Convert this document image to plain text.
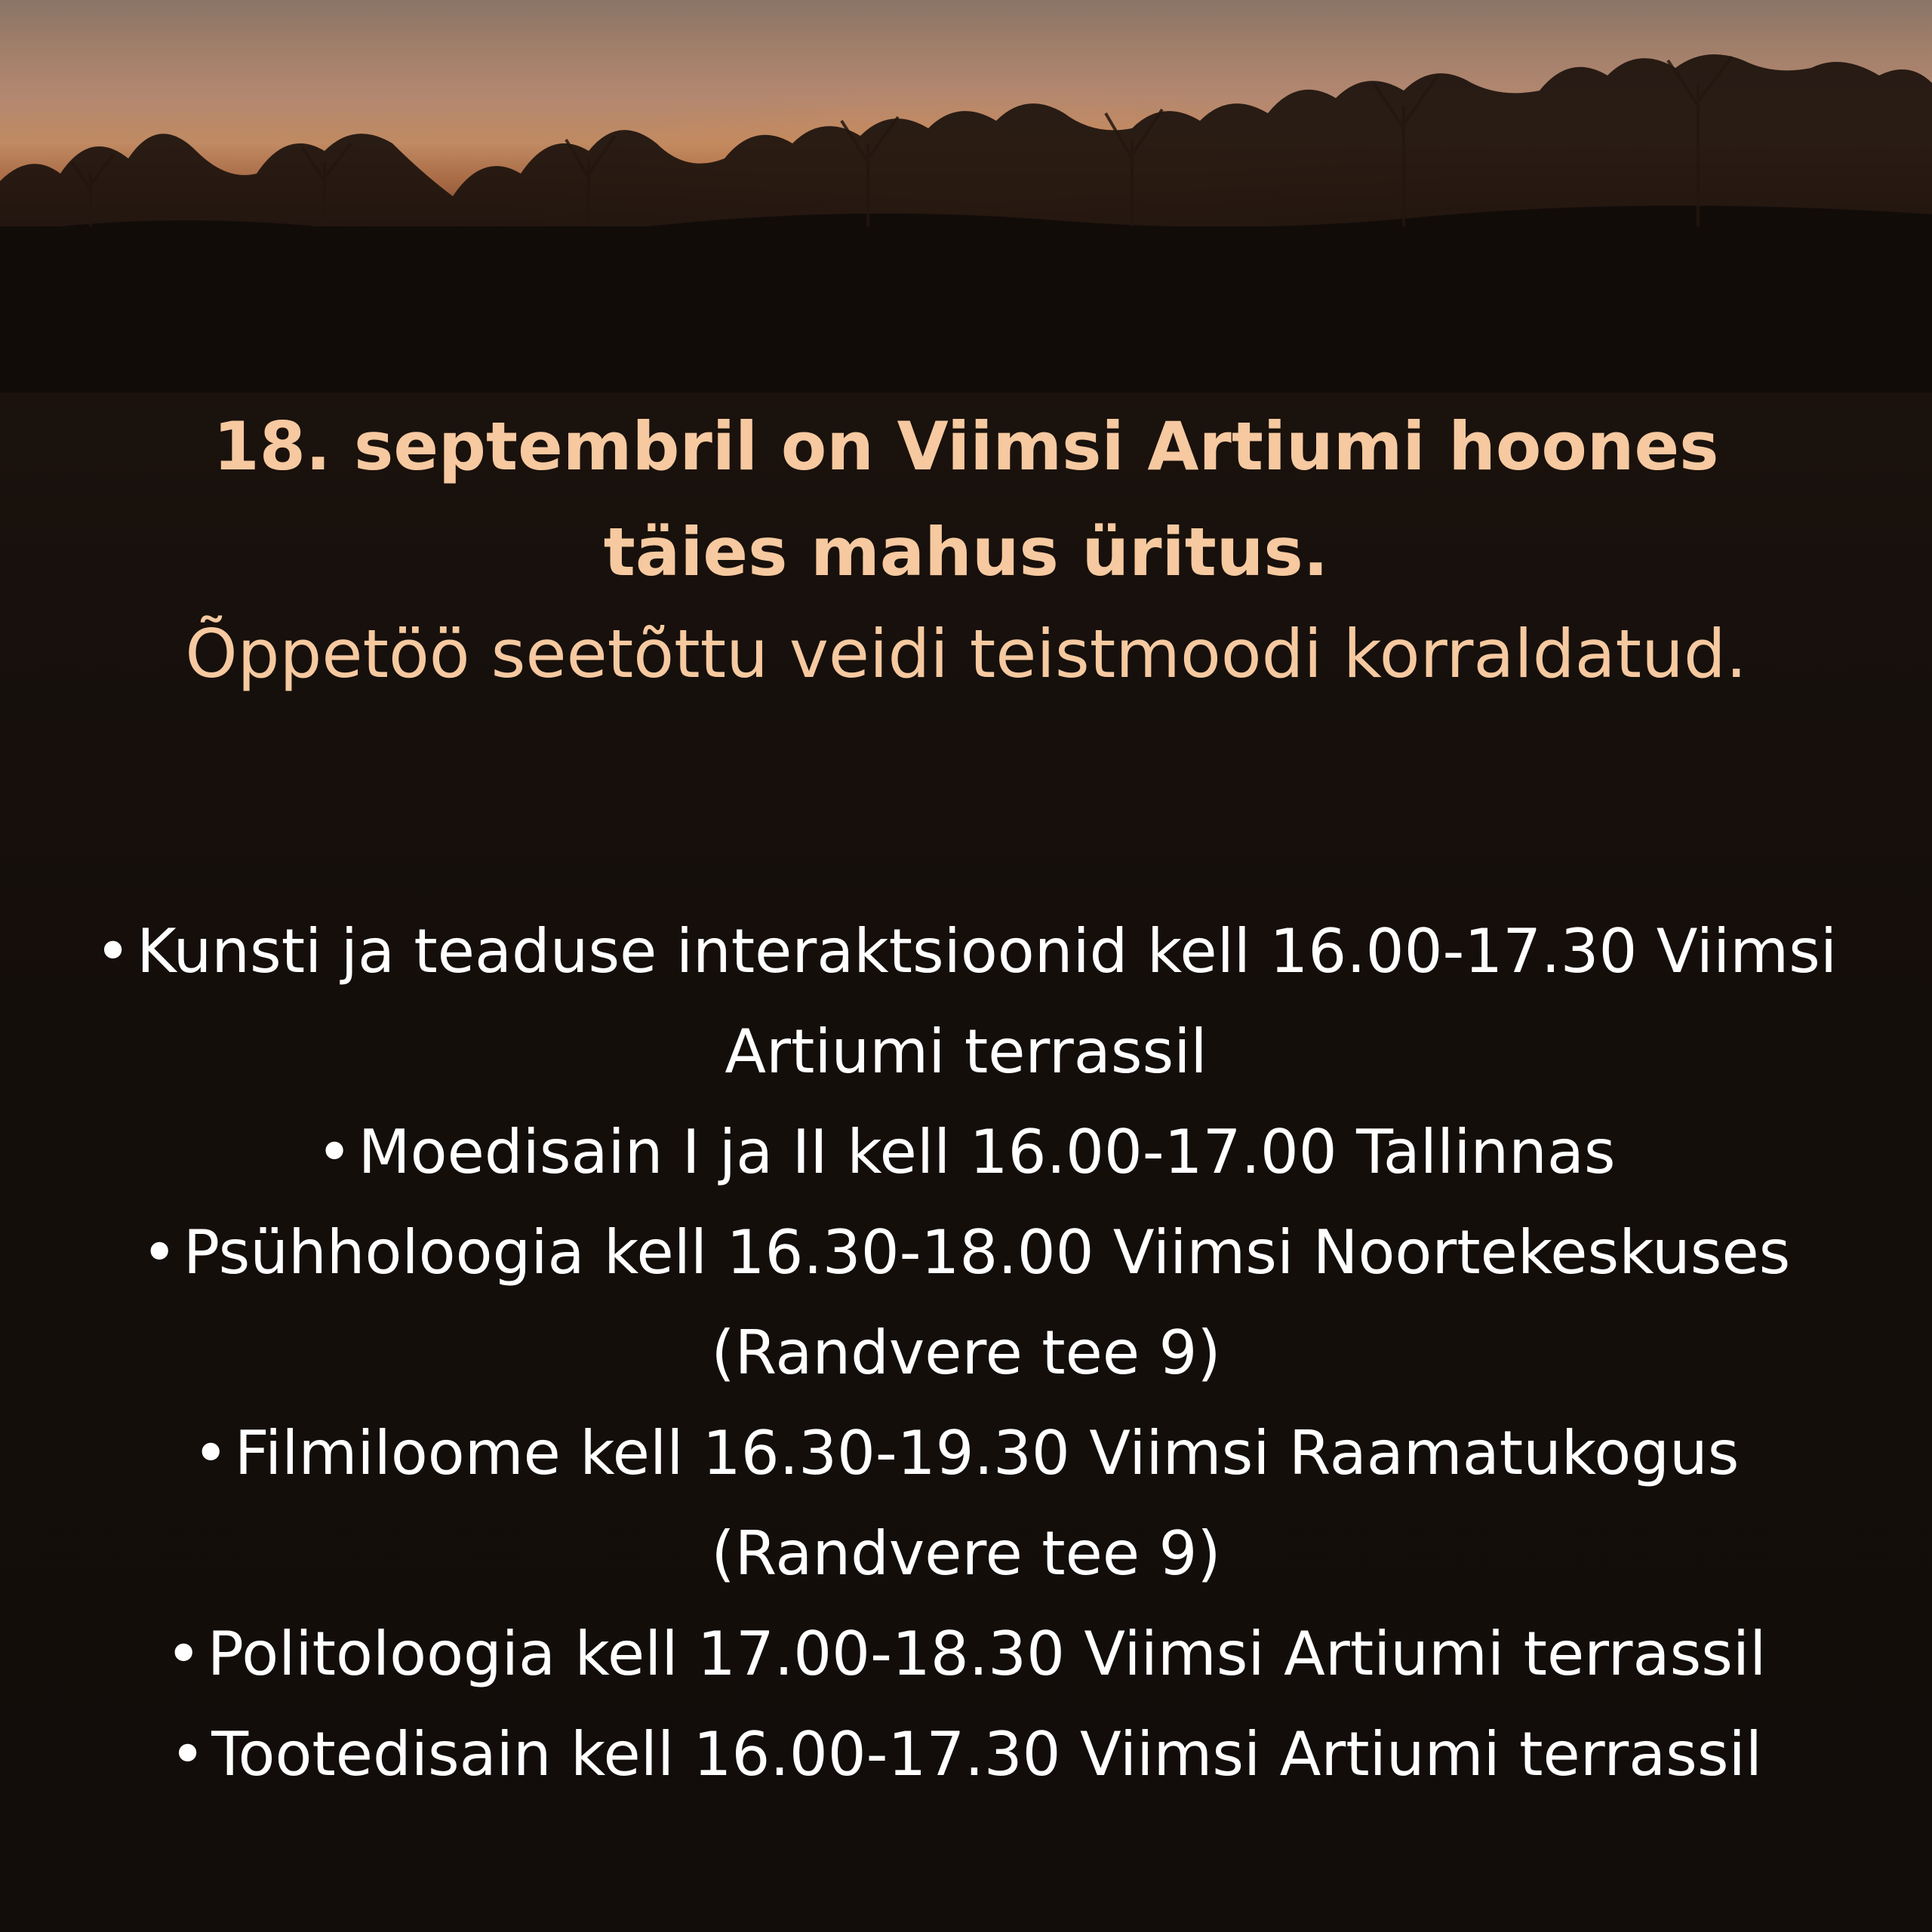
18. septembril on Viimsi Artiumi hoones
täies mahus üritus.

Õppetöö seetõttu veidi teistmoodi korraldatud.

• Kunsti ja teaduse interaktsioonid kell 16.00-17.30 Viimsi Artiumi terrassil
• Moedisain I ja II kell 16.00-17.00 Tallinnas
• Psühholoogia kell 16.30-18.00 Viimsi Noortekeskuses (Randvere tee 9)
• Filmiloome kell 16.30-19.30 Viimsi Raamatukogus (Randvere tee 9)
• Politoloogia kell 17.00-18.30 Viimsi Artiumi terrassil
• Tootedisain kell 16.00-17.30 Viimsi Artiumi terrassil
